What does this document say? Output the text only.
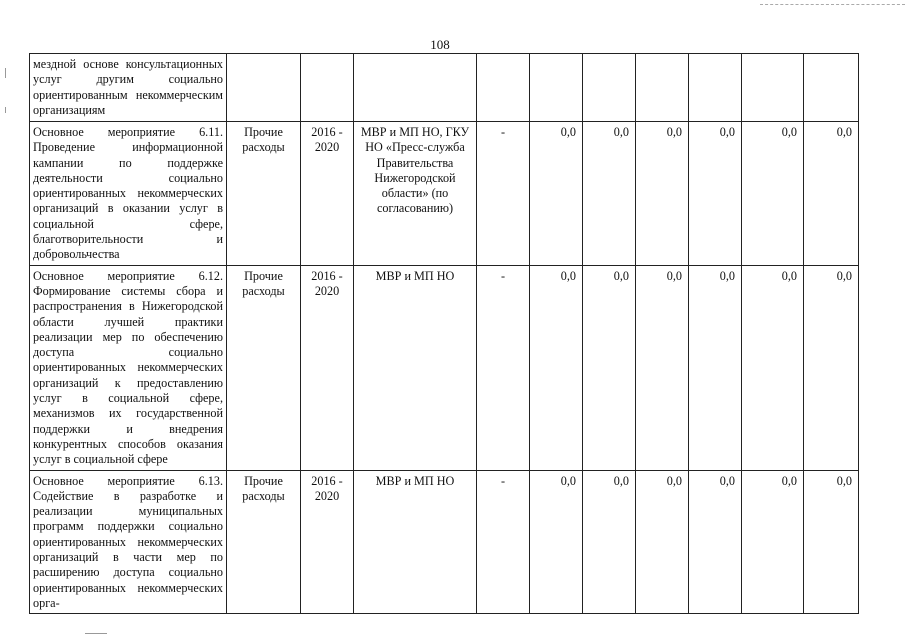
108
мездной основе консультационных услуг другим социально ориентированным некоммерческим организациям										
Основное мероприятие 6.11. Проведение информационной кампании по поддержке деятельности социально ориентированных некоммерческих организаций в оказании услуг в социальной сфере, благотворительности и добровольчества	Прочие расходы	2016 - 2020	МВР и МП НО, ГКУ НО «Пресс-служба Правительства Нижегородской области» (по согласованию)	-	0,0	0,0	0,0	0,0	0,0	0,0
Основное мероприятие 6.12. Формирование системы сбора и распространения в Нижегородской области лучшей практики реализации мер по обеспечению доступа социально ориентированных некоммерческих организаций к предоставлению услуг в социальной сфере, механизмов их государственной поддержки и внедрения конкурентных способов оказания услуг в социальной сфере	Прочие расходы	2016 - 2020	МВР и МП НО	-	0,0	0,0	0,0	0,0	0,0	0,0
Основное мероприятие 6.13. Содействие в разработке и реализации муниципальных программ поддержки социально ориентированных некоммерческих организаций в части мер по расширению доступа социально ориентированных некоммерческих орга-	Прочие расходы	2016 - 2020	МВР и МП НО	-	0,0	0,0	0,0	0,0	0,0	0,0
